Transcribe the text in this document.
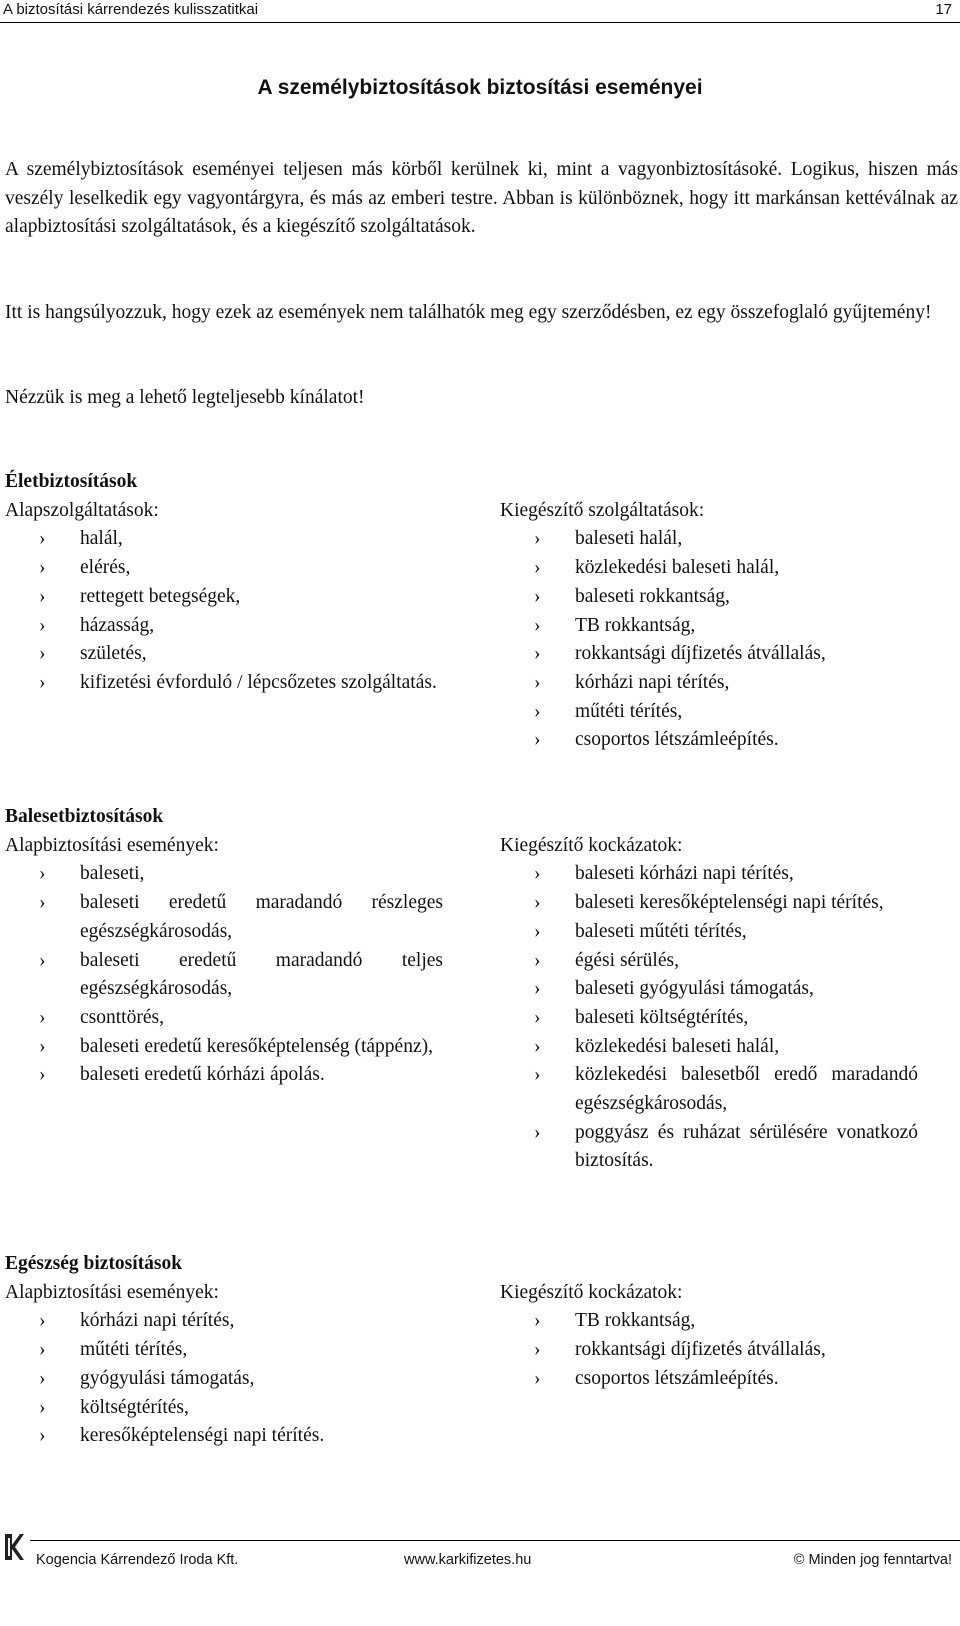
A biztosítási kárrendezés kulisszatitkai	17
A személybiztosítások biztosítási eseményei
A személybiztosítások eseményei teljesen más körből kerülnek ki, mint a vagyonbiztosításoké. Logikus, hiszen más veszély leselkedik egy vagyontárgyra, és más az emberi testre. Abban is különböznek, hogy itt markánsan kettéválnak az alapbiztosítási szolgáltatások, és a kiegészítő szolgáltatások.
Itt is hangsúlyozzuk, hogy ezek az események nem találhatók meg egy szerződésben, ez egy összefoglaló gyűjtemény!
Nézzük is meg a lehető legteljesebb kínálatot!
Életbiztosítások
Alapszolgáltatások:
› halál,
› elérés,
› rettegett betegségek,
› házasság,
› születés,
› kifizetési évforduló / lépcsőzetes szolgáltatás.
Kiegészítő szolgáltatások:
› baleseti halál,
› közlekedési baleseti halál,
› baleseti rokkantság,
› TB rokkantság,
› rokkantsági díjfizetés átvállalás,
› kórházi napi térítés,
› műtéti térítés,
› csoportos létszámleépítés.
Balesetbiztosítások
Alapbiztosítási események:
› baleseti,
› baleseti eredetű maradandó részleges egészségkárosodás,
› baleseti eredetű maradandó teljes egészségkárosodás,
› csonttörés,
› baleseti eredetű keresőképtelenség (táppénz),
› baleseti eredetű kórházi ápolás.
Kiegészítő kockázatok:
› baleseti kórházi napi térítés,
› baleseti keresőképtelenségi napi térítés,
› baleseti műtéti térítés,
› égési sérülés,
› baleseti gyógyulási támogatás,
› baleseti költségtérítés,
› közlekedési baleseti halál,
› közlekedési balesetből eredő maradandó egészségkárosodás,
› poggyász és ruházat sérülésére vonatkozó biztosítás.
Egészség biztosítások
Alapbiztosítási események:
› kórházi napi térítés,
› műtéti térítés,
› gyógyulási támogatás,
› költségtérítés,
› keresőképtelenségi napi térítés.
Kiegészítő kockázatok:
› TB rokkantság,
› rokkantsági díjfizetés átvállalás,
› csoportos létszámleépítés.
Kogencia Kárrendező Iroda Kft.	www.karkifizetes.hu	© Minden jog fenntartva!
